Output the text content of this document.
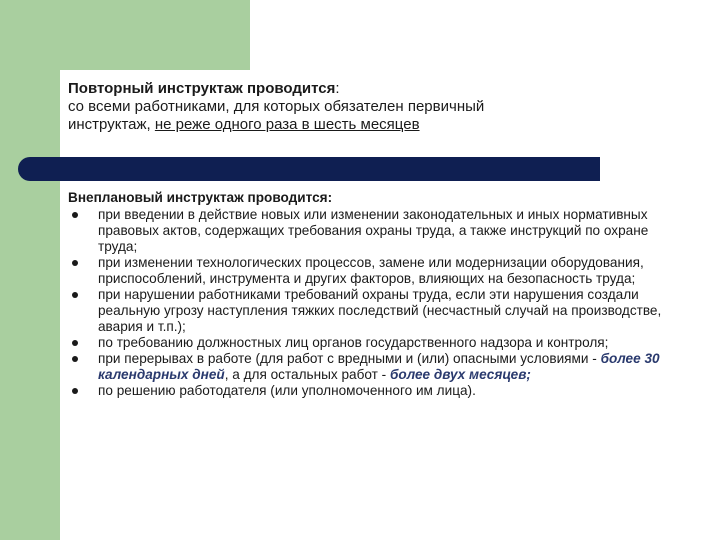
Повторный инструктаж проводится:
со всеми работниками, для которых обязателен первичный
инструктаж, не реже одного раза в шесть месяцев
Внеплановый инструктаж проводится:
при введении в действие новых или изменении законодательных и иных нормативных правовых актов, содержащих требования охраны труда, а также инструкций по охране труда;
при изменении технологических процессов, замене или модернизации оборудования, приспособлений, инструмента и других факторов, влияющих на безопасность труда;
при нарушении работниками требований охраны труда, если эти нарушения создали реальную угрозу наступления тяжких последствий (несчастный случай на производстве, авария и т.п.);
по требованию должностных лиц органов государственного надзора и контроля;
при перерывах в работе (для работ с вредными и (или) опасными условиями - более 30 календарных дней, а для остальных работ - более двух месяцев;
по решению работодателя (или уполномоченного им лица).
